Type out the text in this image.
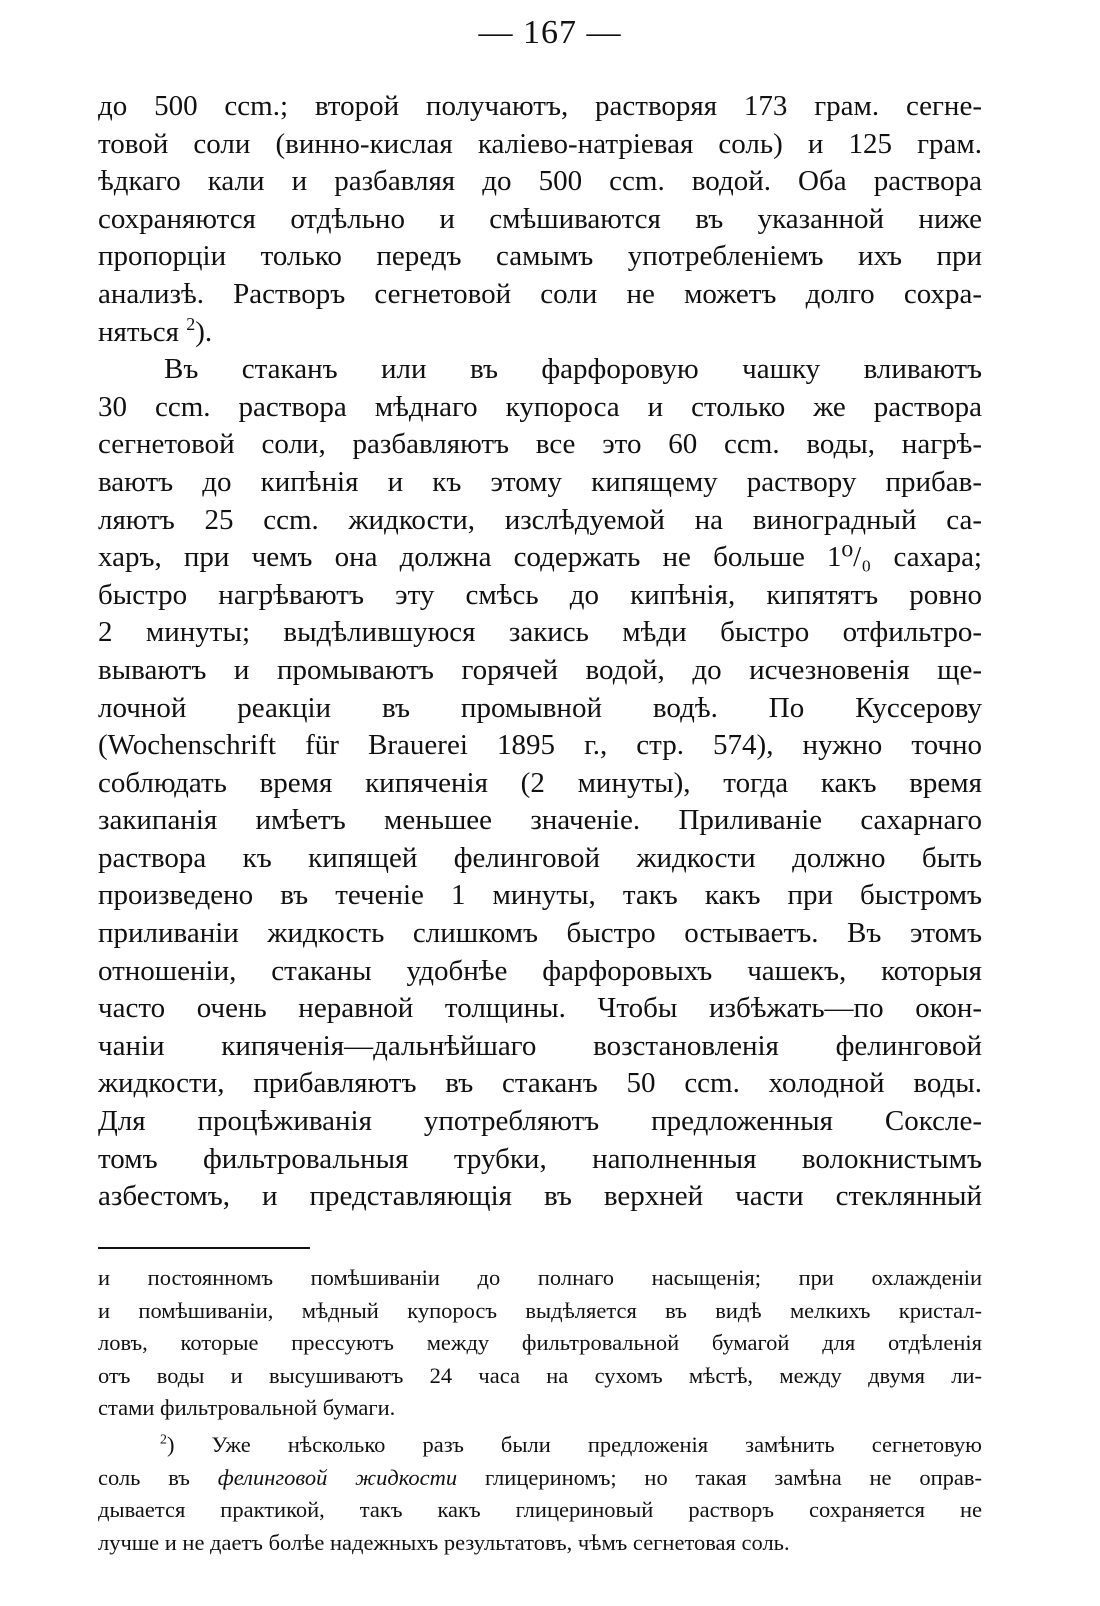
— 167 —
до 500 ccm.; второй получаютъ, растворяя 173 грам. сегне-
товой соли (винно-кислая каліево-натріевая соль) и 125 грам.
ѣдкаго кали и разбавляя до 500 ccm. водой. Оба раствора
сохраняются отдѣльно и смѣшиваются въ указанной ниже
пропорціи только передъ самымъ употребленіемъ ихъ при
анализѣ. Растворъ сегнетовой соли не можетъ долго сохра-
няться $^2$).
Въ стаканъ или въ фарфоровую чашку вливаютъ
30 ccm. раствора мѣднаго купороса и столько же раствора
сегнетовой соли, разбавляютъ все это 60 ccm. воды, нагрѣ-
ваютъ до кипѣнія и къ этому кипящему раствору прибав-
ляютъ 25 ccm. жидкости, изслѣдуемой на виноградный са-
харъ, при чемъ она должна содержать не больше 1⁰/₀ сахара;
быстро нагрѣваютъ эту смѣсь до кипѣнія, кипятятъ ровно
2 минуты; выдѣлившуюся закись мѣди быстро отфильтро-
вываютъ и промываютъ горячей водой, до исчезновенія ще-
лочной реакціи въ промывной водѣ. По Куссерову
(Wochenschrift für Brauerei 1895 г., стр. 574), нужно точно
соблюдать время кипяченія (2 минуты), тогда какъ время
закипанія имѣетъ меньшее значеніе. Приливаніе сахарнаго
раствора къ кипящей фелинговой жидкости должно быть
произведено въ теченіе 1 минуты, такъ какъ при быстромъ
приливаніи жидкость слишкомъ быстро остываетъ. Въ этомъ
отношеніи, стаканы удобнѣе фарфоровыхъ чашекъ, которыя
часто очень неравной толщины. Чтобы избѣжать—по окон-
чаніи кипяченія—дальнѣйшаго возстановленія фелинговой
жидкости, прибавляютъ въ стаканъ 50 ccm. холодной воды.
Для процѣживанія употребляютъ предложенныя Сокслe-
томъ фильтровальныя трубки, наполненныя волокнистымъ
азбестомъ, и представляющія въ верхней части стеклянный
и постоянномъ помѣшиваніи до полнаго насыщенія; при охлажденіи
и помѣшиваніи, мѣдный купоросъ выдѣляется въ видѣ мелкихъ кристал-
ловъ, которые прессуютъ между фильтровальной бумагой для отдѣленія
отъ воды и высушиваютъ 24 часа на сухомъ мѣстѣ, между двумя ли-
стами фильтровальной бумаги.
$^2$) Уже нѣсколько разъ были предложенія замѣнить сегнетовую
соль въ фелинговой жидкости глицериномъ; но такая замѣна не оправ-
дывается практикой, такъ какъ глицериновый растворъ сохраняется не
лучше и не даетъ болѣе надежныхъ результатовъ, чѣмъ сегнетовая соль.
